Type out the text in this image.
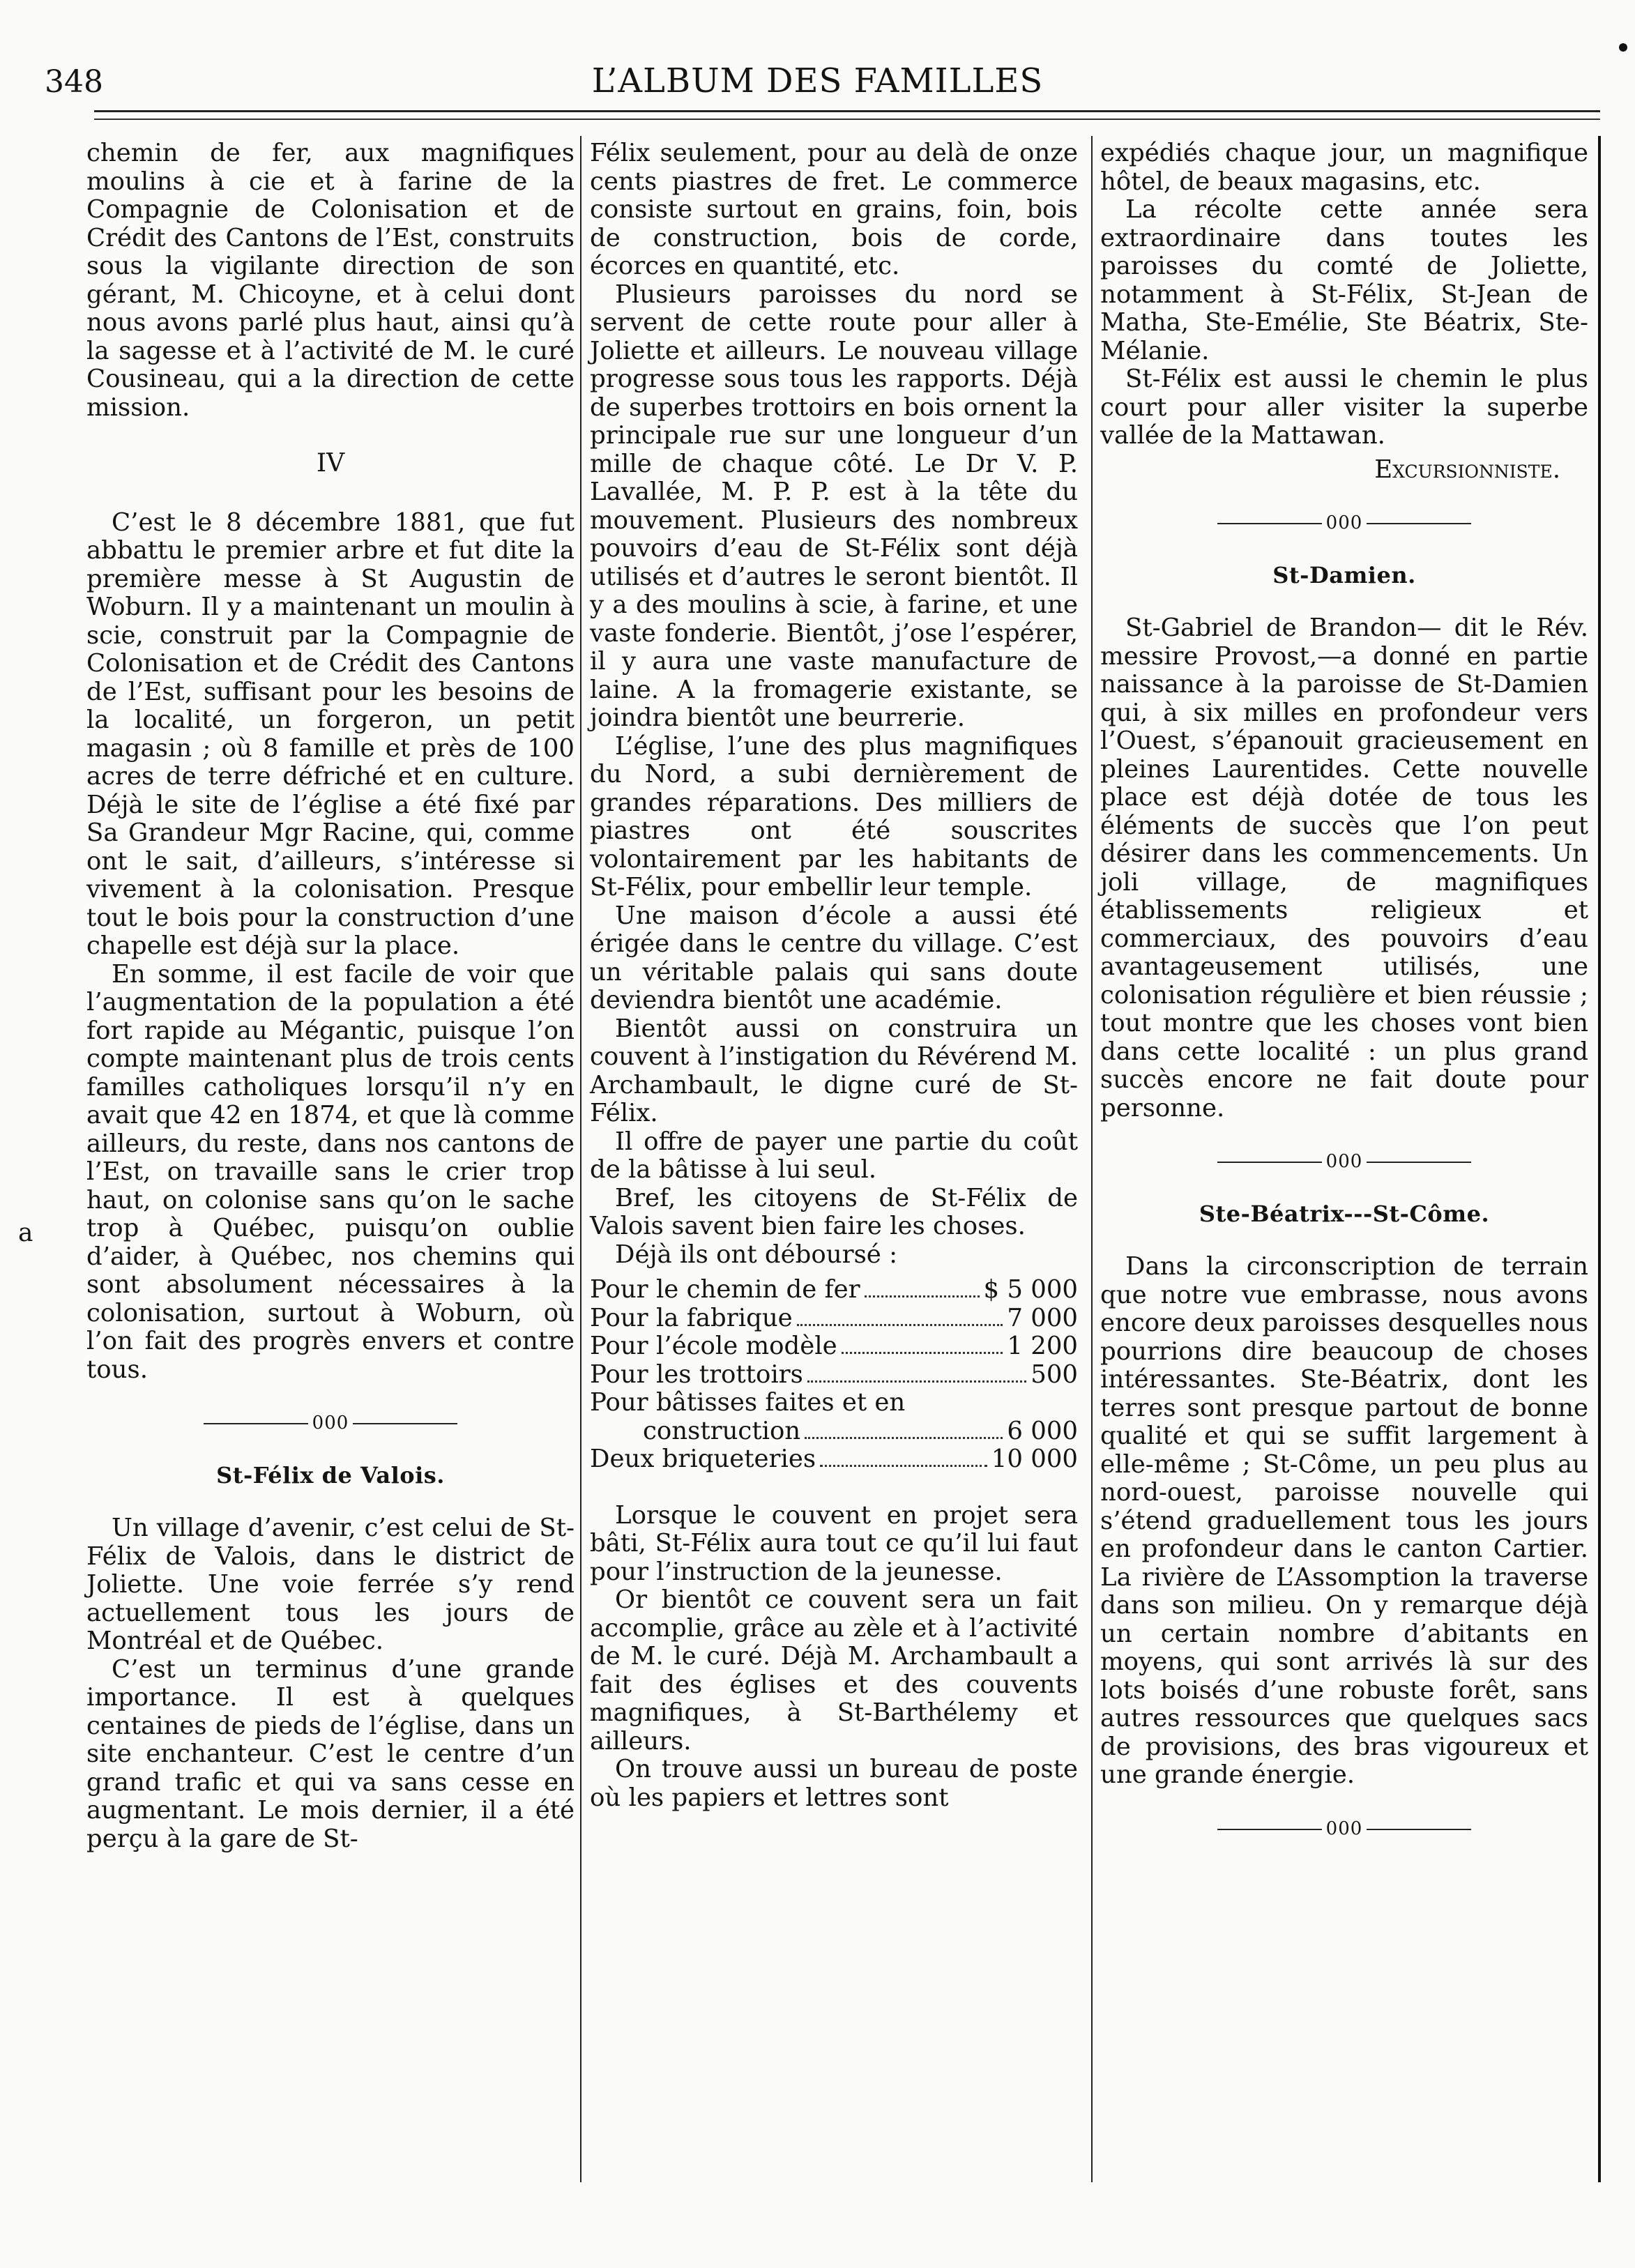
348	L’ALBUM DES FAMILLES
a

chemin de fer, aux magnifiques moulins à cie et à farine de la Compagnie de Colonisation et de Crédit des Cantons de l’Est, construits sous la vigilante direction de son gérant, M. Chicoyne, et à celui dont nous avons parlé plus haut, ainsi qu’à la sagesse et à l’activité de M. le curé Cousineau, qui a la direction de cette mission.

IV

C’est le 8 décembre 1881, que fut abbattu le premier arbre et fut dite la première messe à St Augustin de Woburn. Il y a maintenant un moulin à scie, construit par la Compagnie de Colonisation et de Crédit des Cantons de l’Est, suffisant pour les besoins de la localité, un forgeron, un petit magasin ; où 8 famille et près de 100 acres de terre défriché et en culture. Déjà le site de l’église a été fixé par Sa Grandeur Mgr Racine, qui, comme ont le sait, d’ailleurs, s’intéresse si vivement à la colonisation. Presque tout le bois pour la construction d’une chapelle est déjà sur la place.

En somme, il est facile de voir que l’augmentation de la population a été fort rapide au Mégantic, puisque l’on compte maintenant plus de trois cents familles catholiques lorsqu’il n’y en avait que 42 en 1874, et que là comme ailleurs, du reste, dans nos cantons de l’Est, on travaille sans le crier trop haut, on colonise sans qu’on le sache trop à Québec, puisqu’on oublie d’aider, à Québec, nos chemins qui sont absolument nécessaires à la colonisation, surtout à Woburn, où l’on fait des progrès envers et contre tous.

000
St-Félix de Valois.

Un village d’avenir, c’est celui de St-Félix de Valois, dans le district de Joliette. Une voie ferrée s’y rend actuellement tous les jours de Montréal et de Québec.

C’est un terminus d’une grande importance. Il est à quelques centaines de pieds de l’église, dans un site enchanteur. C’est le centre d’un grand trafic et qui va sans cesse en augmentant. Le mois dernier, il a été perçu à la gare de St-

Félix seulement, pour au delà de onze cents piastres de fret. Le commerce consiste surtout en grains, foin, bois de construction, bois de corde, écorces en quantité, etc.

Plusieurs paroisses du nord se servent de cette route pour aller à Joliette et ailleurs. Le nouveau village progresse sous tous les rapports. Déjà de superbes trottoirs en bois ornent la principale rue sur une longueur d’un mille de chaque côté. Le Dr V. P. Lavallée, M. P. P. est à la tête du mouvement. Plusieurs des nombreux pouvoirs d’eau de St-Félix sont déjà utilisés et d’autres le seront bientôt. Il y a des moulins à scie, à farine, et une vaste fonderie. Bientôt, j’ose l’espérer, il y aura une vaste manufacture de laine. A la fromagerie existante, se joindra bientôt une beurrerie.

L’église, l’une des plus magnifiques du Nord, a subi dernièrement de grandes réparations. Des milliers de piastres ont été souscrites volontairement par les habitants de St-Félix, pour embellir leur temple.

Une maison d’école a aussi été érigée dans le centre du village. C’est un véritable palais qui sans doute deviendra bientôt une académie.

Bientôt aussi on construira un couvent à l’instigation du Révérend M. Archambault, le digne curé de St-Félix.

Il offre de payer une partie du coût de la bâtisse à lui seul.

Bref, les citoyens de St-Félix de Valois savent bien faire les choses.

Déjà ils ont déboursé :

Pour le chemin de fer	$ 5 000
Pour la fabrique	7 000
Pour l’école modèle	1 200
Pour les trottoirs	500
Pour bâtisses faites et en
construction	6 000
Deux briqueteries	10 000

Lorsque le couvent en projet sera bâti, St-Félix aura tout ce qu’il lui faut pour l’instruction de la jeunesse.

Or bientôt ce couvent sera un fait accomplie, grâce au zèle et à l’activité de M. le curé. Déjà M. Archambault a fait des églises et des couvents magnifiques, à St-Barthélemy et ailleurs.

On trouve aussi un bureau de poste où les papiers et lettres sont

expédiés chaque jour, un magnifique hôtel, de beaux magasins, etc.

La récolte cette année sera extraordinaire dans toutes les paroisses du comté de Joliette, notamment à St-Félix, St-Jean de Matha, Ste-Emélie, Ste Béatrix, Ste-Mélanie.

St-Félix est aussi le chemin le plus court pour aller visiter la superbe vallée de la Mattawan.

Excursionniste.
000
St-Damien.

St-Gabriel de Brandon— dit le Rév. messire Provost,—a donné en partie naissance à la paroisse de St-Damien qui, à six milles en profondeur vers l’Ouest, s’épanouit gracieusement en pleines Laurentides. Cette nouvelle place est déjà dotée de tous les éléments de succès que l’on peut désirer dans les commencements. Un joli village, de magnifiques établissements religieux et commerciaux, des pouvoirs d’eau avantageusement utilisés, une colonisation régulière et bien réussie ; tout montre que les choses vont bien dans cette localité : un plus grand succès encore ne fait doute pour personne.

000
Ste-Béatrix---St-Côme.

Dans la circonscription de terrain que notre vue embrasse, nous avons encore deux paroisses desquelles nous pourrions dire beaucoup de choses intéressantes. Ste-Béatrix, dont les terres sont presque partout de bonne qualité et qui se suffit largement à elle-même ; St-Côme, un peu plus au nord-ouest, paroisse nouvelle qui s’étend graduellement tous les jours en profondeur dans le canton Cartier. La rivière de L’Assomption la traverse dans son milieu. On y remarque déjà un certain nombre d’abitants en moyens, qui sont arrivés là sur des lots boisés d’une robuste forêt, sans autres ressources que quelques sacs de provisions, des bras vigoureux et une grande énergie.

000
